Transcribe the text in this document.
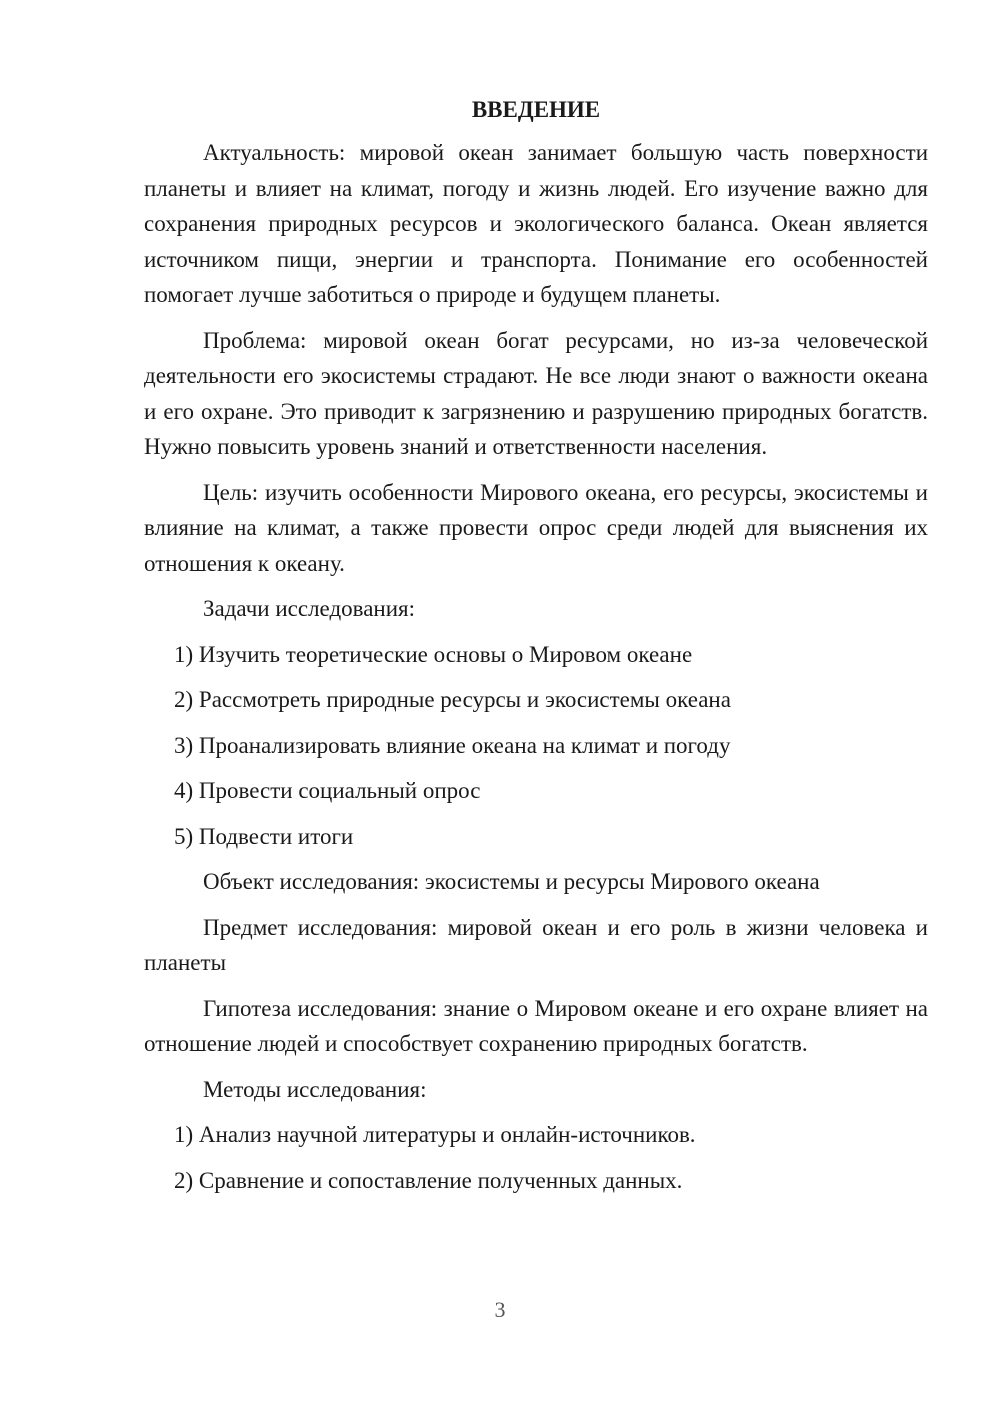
ВВЕДЕНИЕ

Актуальность: мировой океан занимает большую часть поверхности планеты и влияет на климат, погоду и жизнь людей. Его изучение важно для сохранения природных ресурсов и экологического баланса. Океан является источником пищи, энергии и транспорта. Понимание его особенностей помогает лучше заботиться о природе и будущем планеты.

Проблема: мировой океан богат ресурсами, но из-за человеческой деятельности его экосистемы страдают. Не все люди знают о важности океана и его охране. Это приводит к загрязнению и разрушению природных богатств. Нужно повысить уровень знаний и ответственности населения.

Цель: изучить особенности Мирового океана, его ресурсы, экосистемы и влияние на климат, а также провести опрос среди людей для выяснения их отношения к океану.

Задачи исследования:
1) Изучить теоретические основы о Мировом океане
2) Рассмотреть природные ресурсы и экосистемы океана
3) Проанализировать влияние океана на климат и погоду
4) Провести социальный опрос
5) Подвести итоги
Объект исследования: экосистемы и ресурсы Мирового океана

Предмет исследования: мировой океан и его роль в жизни человека и планеты

Гипотеза исследования: знание о Мировом океане и его охране влияет на отношение людей и способствует сохранению природных богатств.

Методы исследования:
1) Анализ научной литературы и онлайн-источников.
2) Сравнение и сопоставление полученных данных.
3
